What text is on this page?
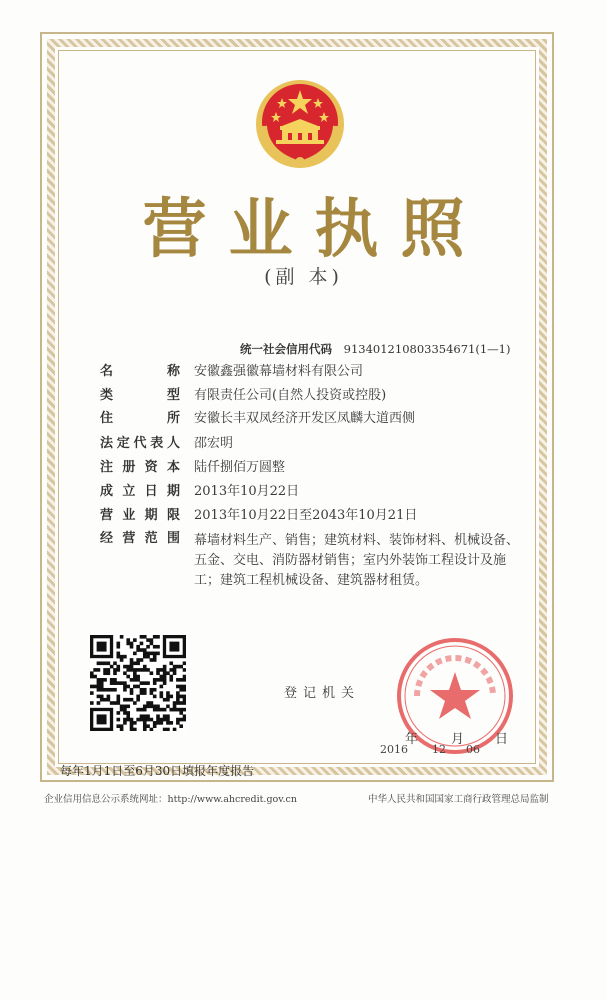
营业执照
(副 本)
统一社会信用代码 913401210803354671(1—1)
名	称 安徽鑫强徽幕墙材料有限公司
类	型 有限责任公司(自然人投资或控股)
住	所 安徽长丰双凤经济开发区凤麟大道西侧
法 定 代 表 人 邵宏明
注 册 资 本 陆仟捌佰万圆整
成 立 日 期 2013年10月22日
营 业 期 限 2013年10月22日至2043年10月21日
经 营 范 围 幕墙材料生产、销售；建筑材料、装饰材料、机械设备、五金、交电、消防器材销售；室内外装饰工程设计及施工；建筑工程机械设备、建筑器材租赁。
登记机关
年	月 日
2016 12 06
每年1月1日至6月30日填报年度报告
企业信用信息公示系统网址：http://www.ahcredit.gov.cn	中华人民共和国国家工商行政管理总局监制
